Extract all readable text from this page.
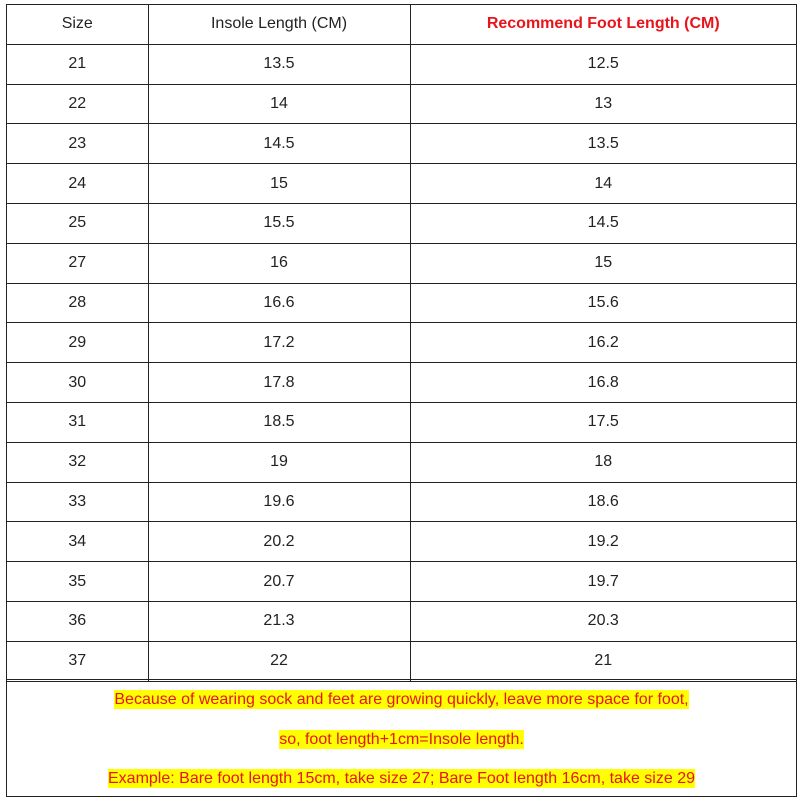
Size	Insole Length (CM)	Recommend Foot Length (CM)
21	13.5	12.5
22	14	13
23	14.5	13.5
24	15	14
25	15.5	14.5
27	16	15
28	16.6	15.6
29	17.2	16.2
30	17.8	16.8
31	18.5	17.5
32	19	18
33	19.6	18.6
34	20.2	19.2
35	20.7	19.7
36	21.3	20.3
37	22	21
Because of wearing sock and feet are growing quickly, leave more space for foot,
so, foot length+1cm=Insole length.
Example: Bare foot length 15cm, take size 27; Bare Foot length 16cm, take size 29
